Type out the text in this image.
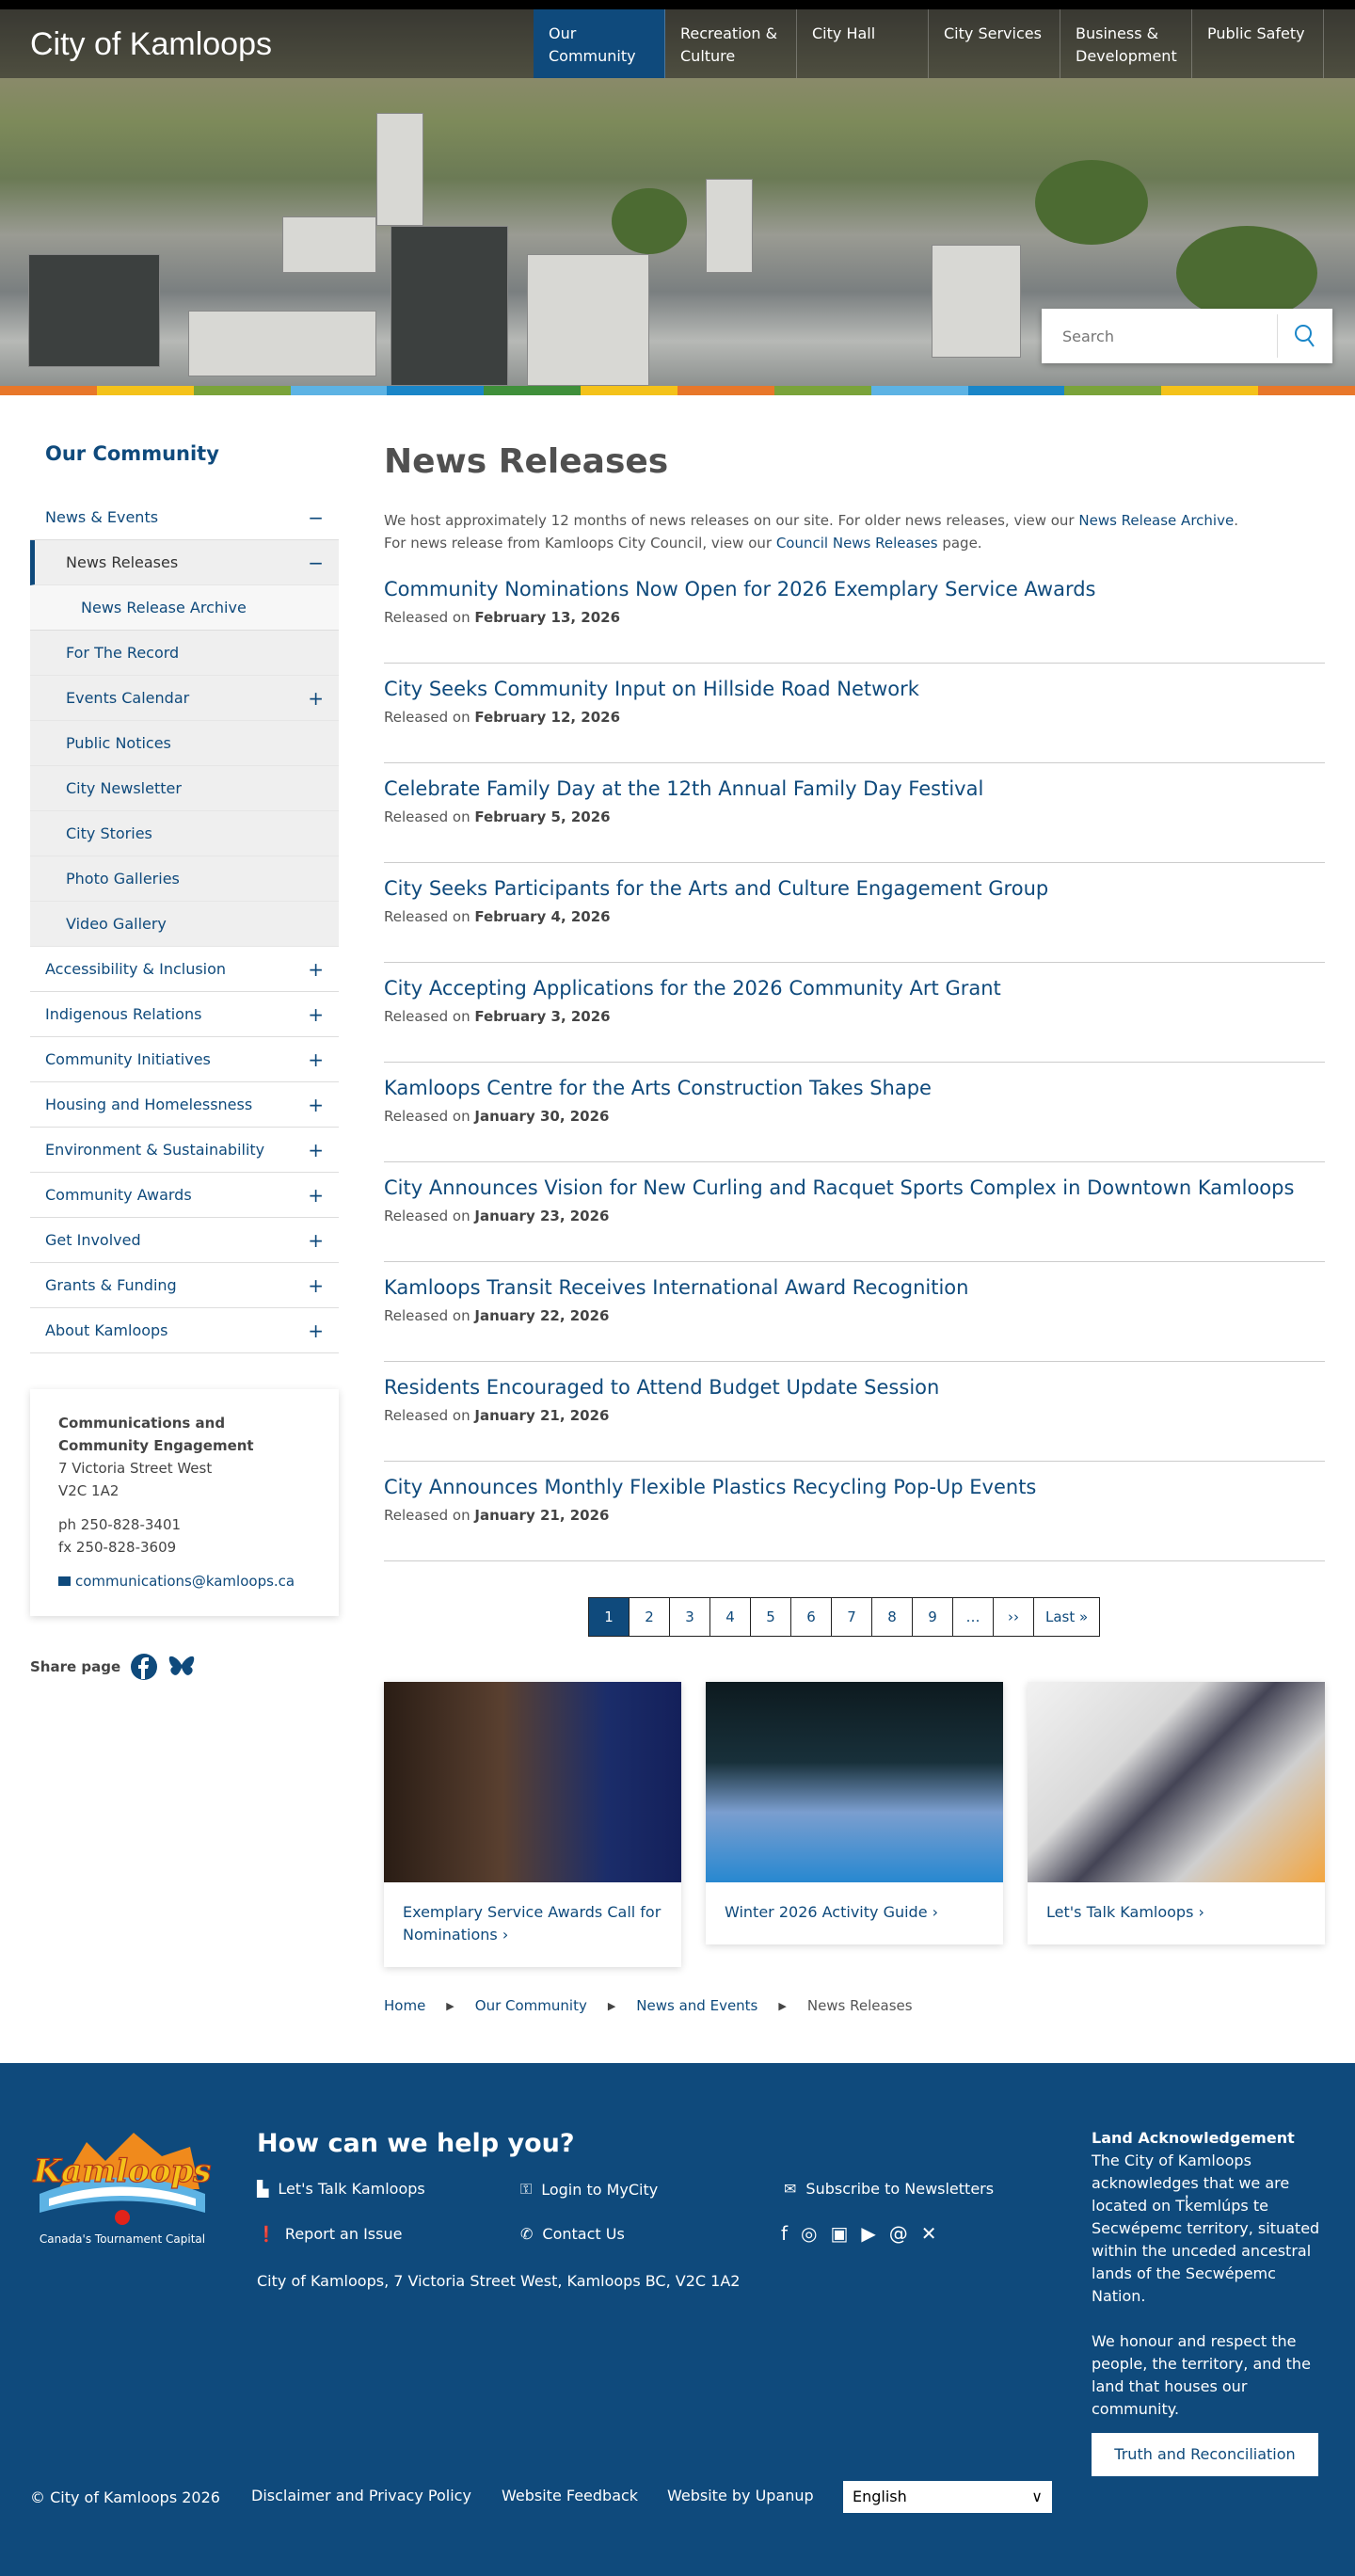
City of Kamloops	Our Community
Recreation & Culture
City Hall	City Services	Business & Development
Public Safety
Search
Our Community
News & Events	−
News Releases	−
News Release Archive
For The Record
Events Calendar	+
Public Notices
City Newsletter
City Stories
Photo Galleries
Video Gallery
Accessibility & Inclusion	+
Indigenous Relations	+
Community Initiatives	+
Housing and Homelessness	+
Environment & Sustainability +
Community Awards	+
Get Involved	+
Grants & Funding	+
About Kamloops	+
Communications and Community Engagement
7 Victoria Street West
V2C 1A2
ph 250-828-3401
fx 250-828-3609
communications@kamloops.ca
Share page
News Releases

We host approximately 12 months of news releases on our site. For older news releases, view our News Release Archive.
For news release from Kamloops City Council, view our Council News Releases page.

Community Nominations Now Open for 2026 Exemplary Service Awards
Released on February 13, 2026
City Seeks Community Input on Hillside Road Network
Released on February 12, 2026
Celebrate Family Day at the 12th Annual Family Day Festival
Released on February 5, 2026
City Seeks Participants for the Arts and Culture Engagement Group
Released on February 4, 2026
City Accepting Applications for the 2026 Community Art Grant
Released on February 3, 2026
Kamloops Centre for the Arts Construction Takes Shape
Released on January 30, 2026
City Announces Vision for New Curling and Racquet Sports Complex in Downtown Kamloops
Released on January 23, 2026
Kamloops Transit Receives International Award Recognition
Released on January 22, 2026
Residents Encouraged to Attend Budget Update Session
Released on January 21, 2026
City Announces Monthly Flexible Plastics Recycling Pop-Up Events
Released on January 21, 2026
1	2	3	4	5	6	7	8	9	…	››	Last »
Exemplary Service Awards Call for Nominations ›
Winter 2026 Activity Guide ›	Let's Talk Kamloops ›
Home ▶ Our Community ▶ News and Events ▶ News Releases
Kamloops
Canada's Tournament Capital
How can we help you?
▙ Let's Talk Kamloops	⚿ Login to MyCity	✉ Subscribe to Newsletters
❗ Report an Issue	✆ Contact Us	f ◎ ▣ ▶ @ ✕
City of Kamloops, 7 Victoria Street West, Kamloops BC, V2C 1A2
Land Acknowledgement

The City of Kamloops acknowledges that we are located on Tk̓emlúps te Secwépemc territory, situated within the unceded ancestral lands of the Secwépemc Nation.

We honour and respect the people, the territory, and the land that houses our community.

Truth and Reconciliation
© City of Kamloops 2026 Disclaimer and Privacy Policy Website Feedback Website by Upanup	English	∨
